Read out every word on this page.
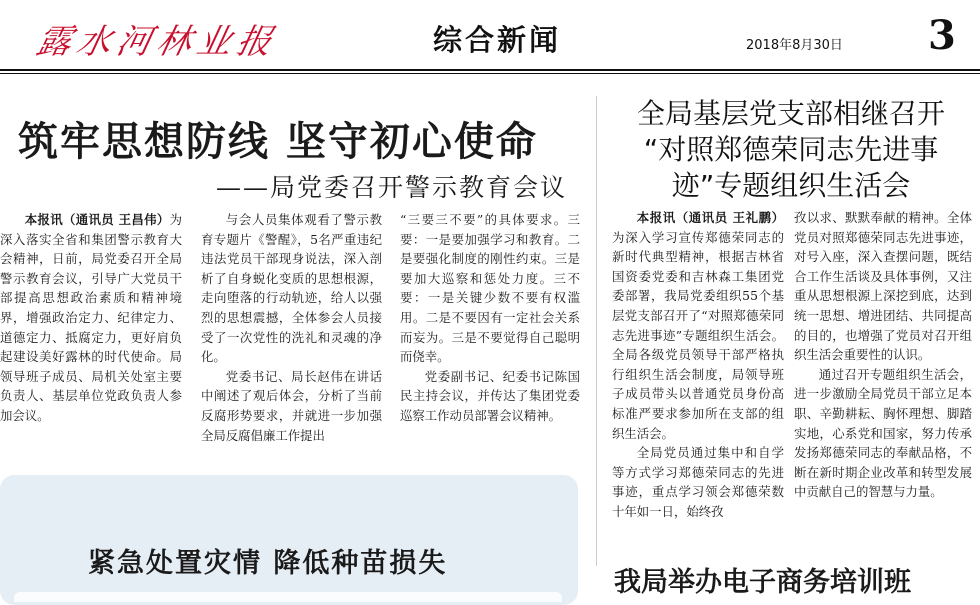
露水河林业报	综合新闻	2018年8月30日 3
筑牢思想防线 坚守初心使命
——局党委召开警示教育会议

本报讯（通讯员 王昌伟）为深入落实全省和集团警示教育大会精神，日前，局党委召开全局警示教育会议，引导广大党员干部提高思想政治素质和精神境界，增强政治定力、纪律定力、道德定力、抵腐定力，更好肩负起建设美好露林的时代使命。局领导班子成员、局机关处室主要负责人、基层单位党政负责人参加会议。

与会人员集体观看了警示教育专题片《警醒》，5名严重违纪违法党员干部现身说法，深入剖析了自身蜕化变质的思想根源，走向堕落的行动轨迹，给人以强烈的思想震撼，全体参会人员接受了一次党性的洗礼和灵魂的净化。

党委书记、局长赵伟在讲话中阐述了观后体会，分析了当前反腐形势要求，并就进一步加强全局反腐倡廉工作提出

“三要三不要”的具体要求。三要：一是要加强学习和教育。二是要强化制度的刚性约束。三是要加大巡察和惩处力度。三不要：一是关键少数不要有权滥用。二是不要因有一定社会关系而妄为。三是不要觉得自己聪明而侥幸。

党委副书记、纪委书记陈国民主持会议，并传达了集团党委巡察工作动员部署会议精神。

紧急处置灾情 降低种苗损失
全局基层党支部相继召开
“对照郑德荣同志先进事
迹”专题组织生活会

本报讯（通讯员 王礼鹏）为深入学习宣传郑德荣同志的新时代典型精神，根据吉林省国资委党委和吉林森工集团党委部署，我局党委组织55个基层党支部召开了“对照郑德荣同志先进事迹”专题组织生活会。全局各级党员领导干部严格执行组织生活会制度，局领导班子成员带头以普通党员身份高标准严要求参加所在支部的组织生活会。

全局党员通过集中和自学等方式学习郑德荣同志的先进事迹，重点学习领会郑德荣数十年如一日，始终孜

孜以求、默默奉献的精神。全体党员对照郑德荣同志先进事迹，对号入座，深入查摆问题，既结合工作生活谈及具体事例，又注重从思想根源上深挖到底，达到统一思想、增进团结、共同提高的目的，也增强了党员对召开组织生活会重要性的认识。

通过召开专题组织生活会，进一步激励全局党员干部立足本职、辛勤耕耘、胸怀理想、脚踏实地，心系党和国家，努力传承发扬郑德荣同志的奉献品格，不断在新时期企业改革和转型发展中贡献自己的智慧与力量。

我局举办电子商务培训班
